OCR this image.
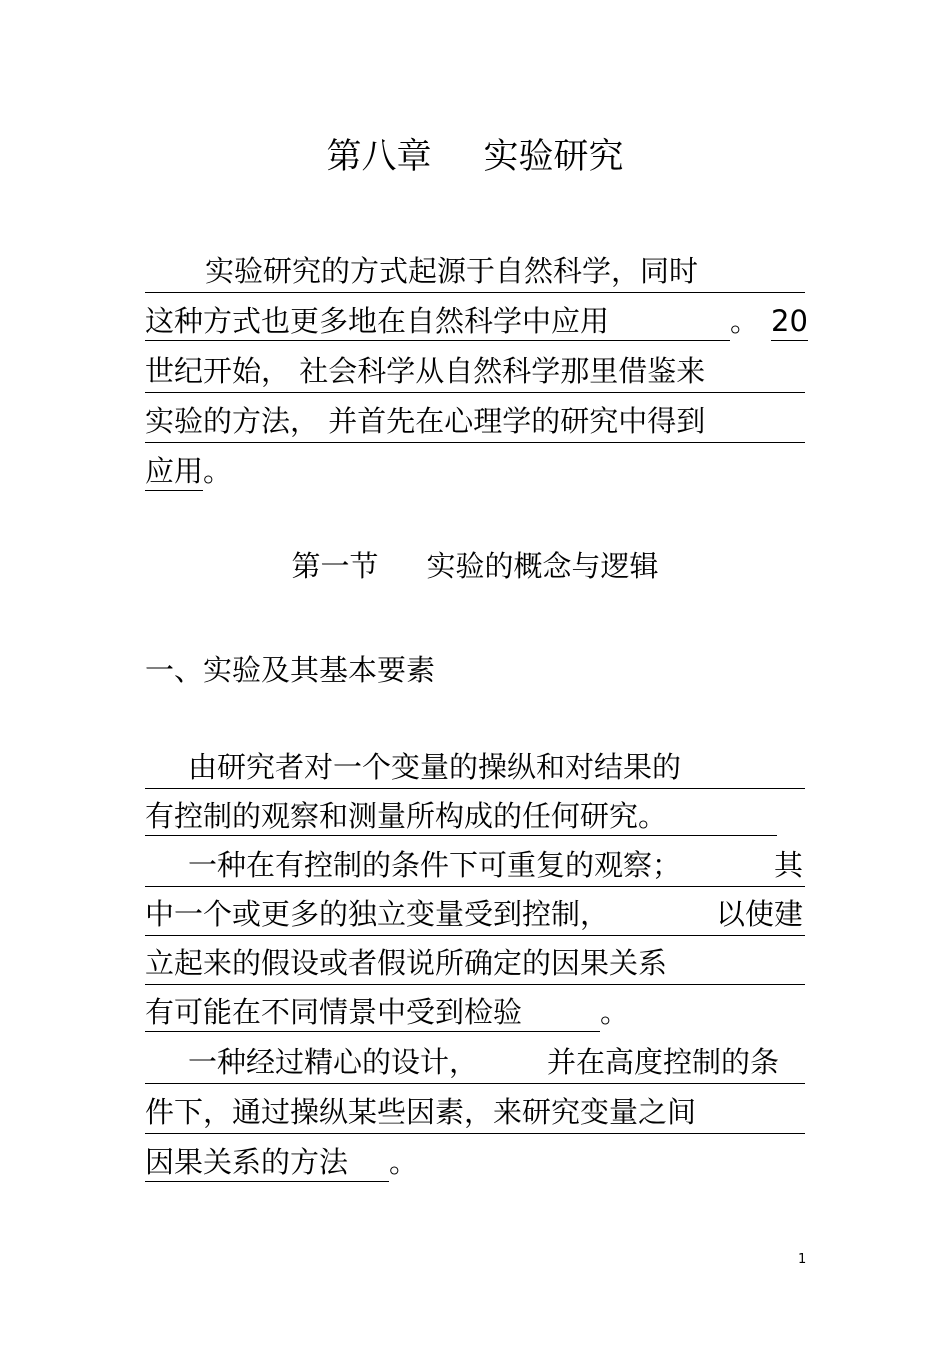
第八章 实验研究
实验研究的方式起源于自然科学，同时
这种方式也更多地在自然科学中应用	。 20
世纪开始， 社会科学从自然科学那里借鉴来
实验的方法， 并首先在心理学的研究中得到
应用。
第一节 实验的概念与逻辑
一、实验及其基本要素
由研究者对一个变量的操纵和对结果的
有控制的观察和测量所构成的任何研究。
一种在有控制的条件下可重复的观察；	其
中一个或更多的独立变量受到控制，	以使建
立起来的假设或者假说所确定的因果关系
有可能在不同情景中受到检验	。
一种经过精心的设计， 并在高度控制的条
件下，通过操纵某些因素，来研究变量之间
因果关系的方法 。
1
